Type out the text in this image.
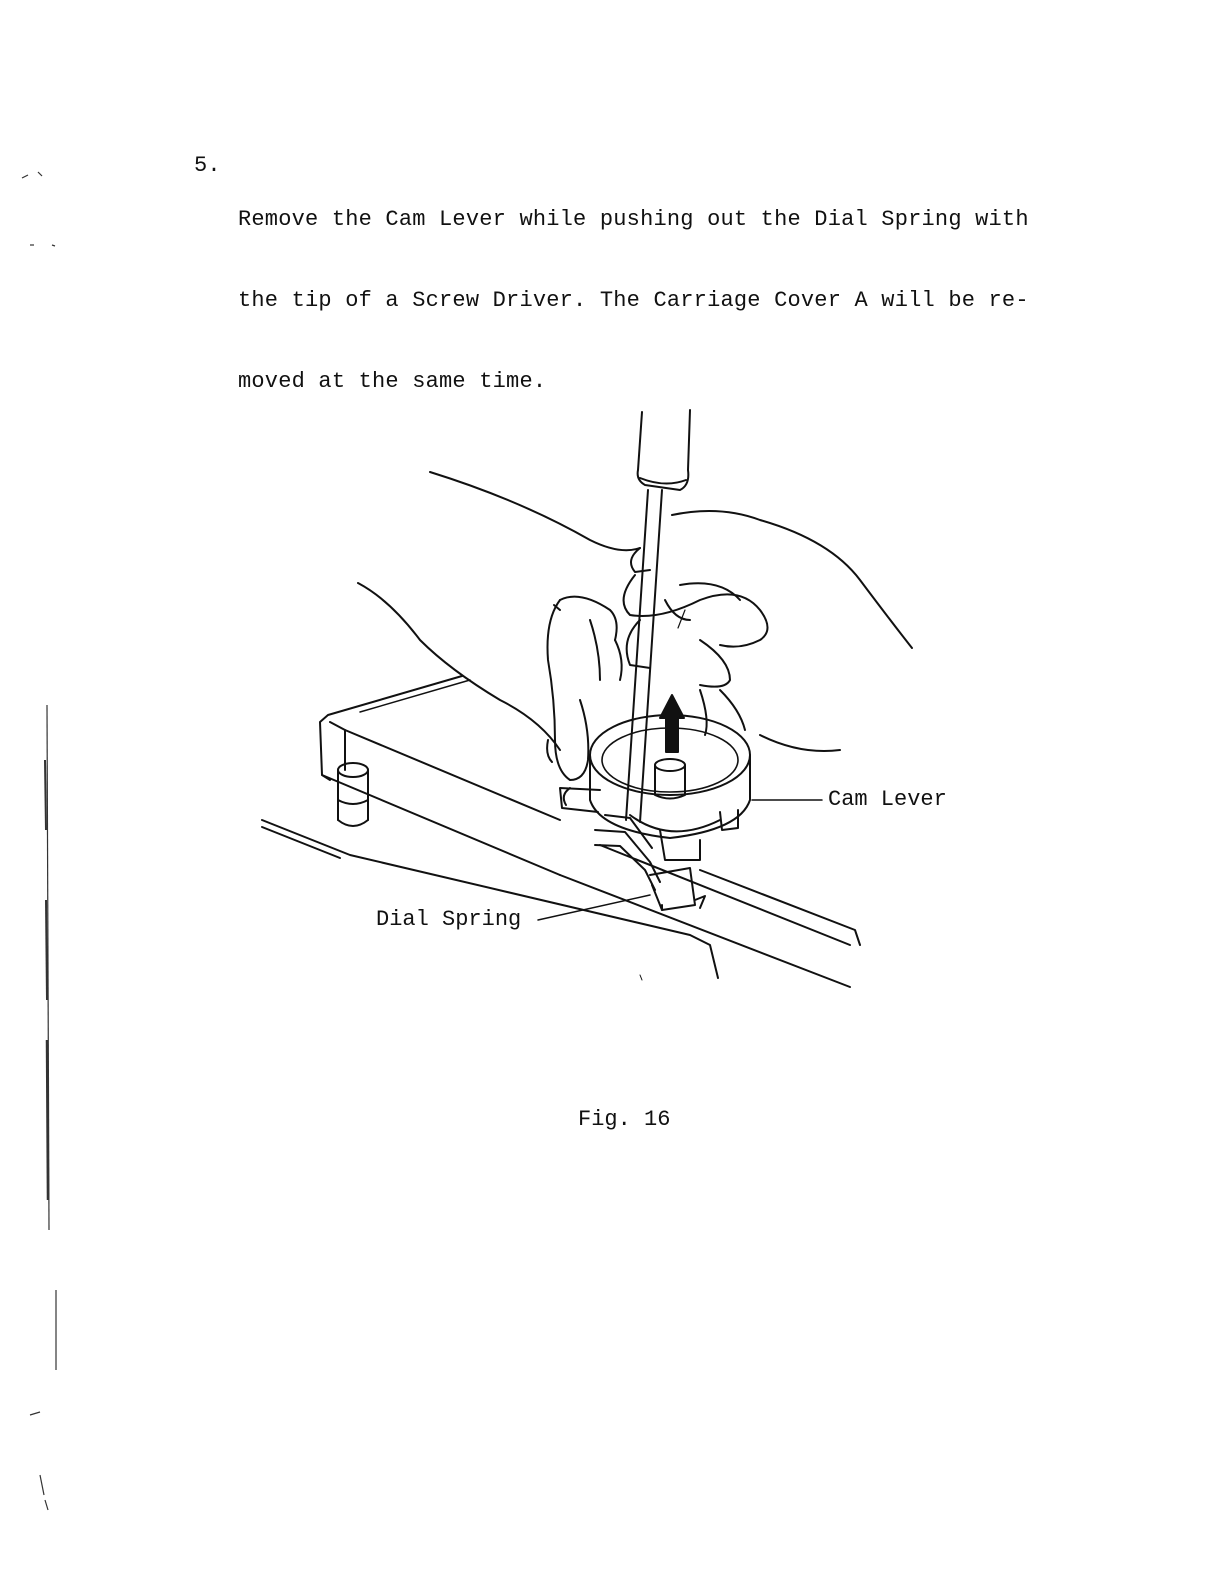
5.

Remove the Cam Lever while pushing out the Dial Spring with

the tip of a Screw Driver. The Carriage Cover A will be re-

moved at the same time.

Cam Lever
Dial Spring
Fig. 16
